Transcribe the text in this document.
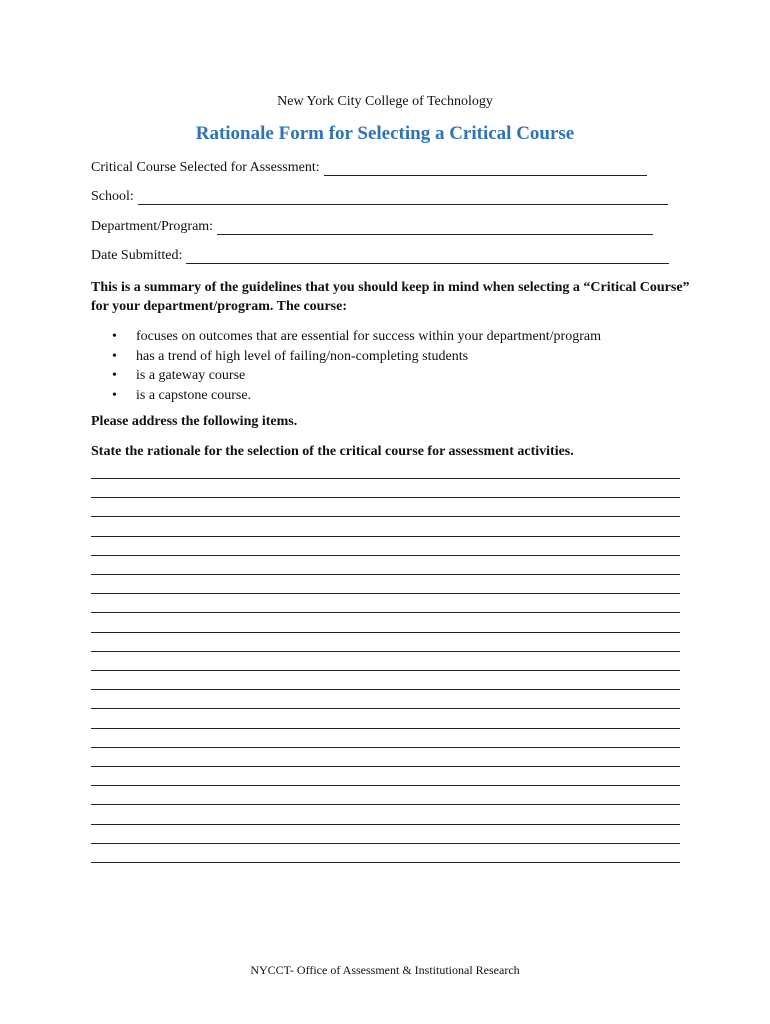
New York City College of Technology
Rationale Form for Selecting a Critical Course
Critical Course Selected for Assessment:
School:
Department/Program:
Date Submitted:
This is a summary of the guidelines that you should keep in mind when selecting a “Critical Course” for your department/program. The course:
• focuses on outcomes that are essential for success within your department/program
• has a trend of high level of failing/non-completing students
• is a gateway course
• is a capstone course.
Please address the following items.
State the rationale for the selection of the critical course for assessment activities.
NYCCT- Office of Assessment & Institutional Research
